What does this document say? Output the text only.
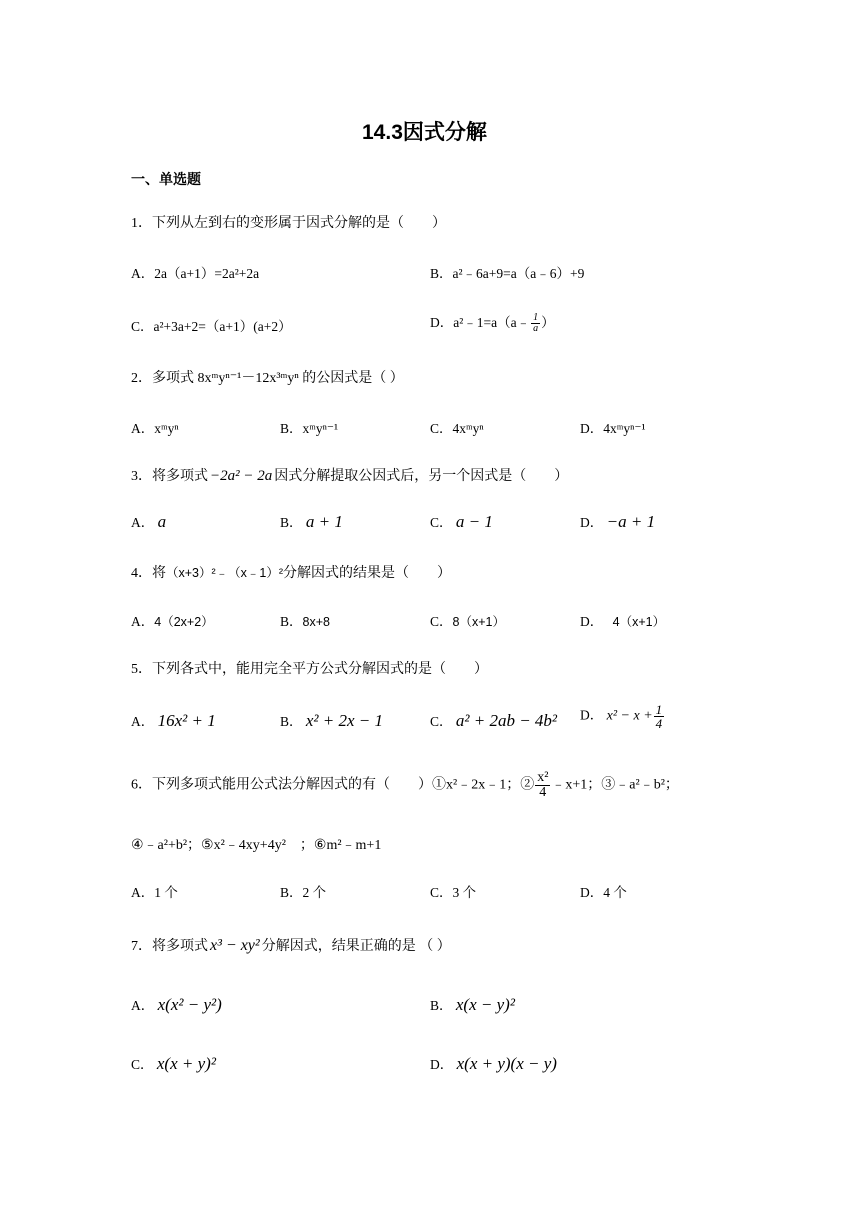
14.3因式分解
一、单选题
1．下列从左到右的变形属于因式分解的是（　　）
A．2a（a+1）=2a²+2a	B．a²﹣6a+9=a（a﹣6）+9
C．a²+3a+2=（a+1）(a+2）	D．a²﹣1=a（a﹣ $\frac{1}{a}$ ）
2．多项式 8xᵐyⁿ⁻¹－12x³ᵐyⁿ 的公因式是（ ）
A．xᵐyⁿ	B．xᵐyⁿ⁻¹	C．4xᵐyⁿ	D．4xᵐyⁿ⁻¹
3．将多项式 −2a² − 2a 因式分解提取公因式后，另一个因式是（　　）
A． a	B． a + 1	C． a − 1	D． −a + 1
4．将（x+3）²﹣（x﹣1）²分解因式的结果是（　　）
A．4（2x+2）	B．8x+8	C．8（x+1）	D． 4（x+1）
5．下列各式中，能用完全平方公式分解因式的是（　　）
A． 16x² + 1	B． x² + 2x − 1	C． a² + 2ab − 4b² D． $x^2 - x + \frac{1}{4}$
6．下列多项式能用公式法分解因式的有（　　）①x²﹣2x﹣1；② $\frac{\text{x²}}{4}$ ﹣x+1；③﹣a²﹣b²；
④﹣a²+b²；⑤x²﹣4xy+4y²　；⑥m²﹣m+1
A．1 个	B．2 个	C．3 个	D．4 个
7．将多项式 x³ − xy² 分解因式，结果正确的是 （ ）
A． x(x² − y²)	B． x(x − y)²
C． x(x + y)²	D． x(x + y)(x − y)
